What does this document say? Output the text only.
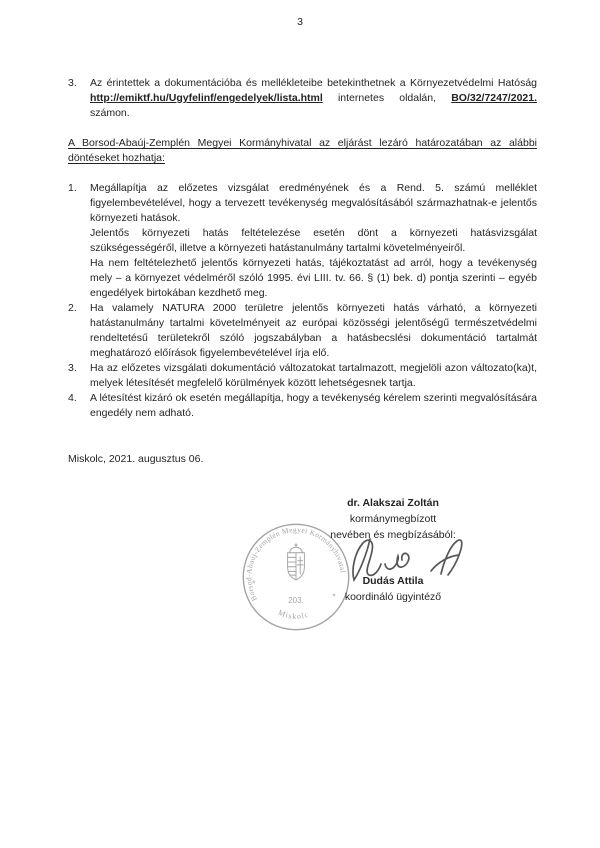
3
3.	Az érintettek a dokumentációba és mellékleteibe betekinthetnek a Környezetvédelmi Hatóság http://emiktf.hu/Ugyfelinf/engedelyek/lista.html internetes oldalán, BO/32/7247/2021. számon.

A Borsod-Abaúj-Zemplén Megyei Kormányhivatal az eljárást lezáró határozatában az alábbi döntéseket hozhatja:

1.	Megállapítja az előzetes vizsgálat eredményének és a Rend. 5. számú melléklet figyelembevételével, hogy a tervezett tevékenység megvalósításából származhatnak-e jelentős környezeti hatások.

Jelentős környezeti hatás feltételezése esetén dönt a környezeti hatásvizsgálat szükségességéről, illetve a környezeti hatástanulmány tartalmi követelményeiről.

Ha nem feltételezhető jelentős környezeti hatás, tájékoztatást ad arról, hogy a tevékenység mely – a környezet védelméről szóló 1995. évi LIII. tv. 66. § (1) bek. d) pontja szerinti – egyéb engedélyek birtokában kezdhető meg.

2.	Ha valamely NATURA 2000 területre jelentős környezeti hatás várható, a környezeti hatástanulmány tartalmi követelményeit az európai közösségi jelentőségű természetvédelmi rendeltetésű területekről szóló jogszabályban a hatásbecslési dokumentáció tartalmát meghatározó előírások figyelembevételével írja elő.

3.	Ha az előzetes vizsgálati dokumentáció változatokat tartalmazott, megjelöli azon változato(ka)t, melyek létesítését megfelelő körülmények között lehetségesnek tartja.

4.	A létesítést kizáró ok esetén megállapítja, hogy a tevékenység kérelem szerinti megvalósítására engedély nem adható.

Miskolc, 2021. augusztus 06.

Borsod-Abaúj-Zemplén Megyei Kormányhivatal
*
*
203.
Miskolc
dr. Alakszai Zoltán
kormánymegbízott
nevében és megbízásából:
Dudás Attila
koordináló ügyintéző
